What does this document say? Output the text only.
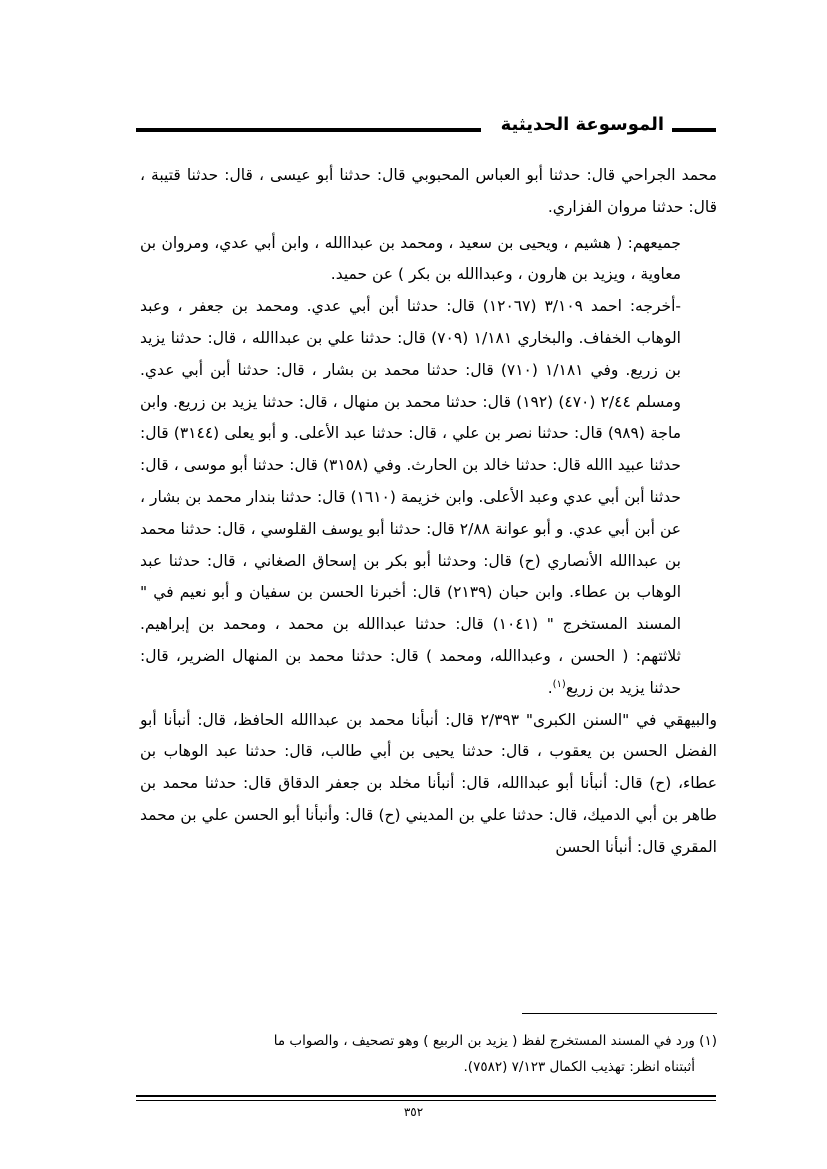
الموسوعة الحديثية

محمد الجراحي قال: حدثنا أبو العباس المحبوبي قال: حدثنا أبو عيسى ، قال: حدثنا قتيبة ، قال: حدثنا مروان الفزاري.

جميعهم: ( هشيم ، ويحيى بن سعيد ، ومحمد بن عبداالله ، وابن أبي عدي، ومروان بن معاوية ، ويزيد بن هارون ، وعبداالله بن بكر ) عن حميد.

-أخرجه: احمد ٣/١٠٩ (١٢٠٦٧) قال: حدثنا أبن أبي عدي. ومحمد بن جعفر ، وعبد الوهاب الخفاف. والبخاري ١/١٨١ (٧٠٩) قال: حدثنا علي بن عبداالله ، قال: حدثنا يزيد بن زريع. وفي ١/١٨١ (٧١٠) قال: حدثنا محمد بن بشار ، قال: حدثنا أبن أبي عدي. ومسلم ٢/٤٤ (٤٧٠) (١٩٢) قال: حدثنا محمد بن منهال ، قال: حدثنا يزيد بن زريع. وابن ماجة (٩٨٩) قال: حدثنا نصر بن علي ، قال: حدثنا عبد الأعلى. و أبو يعلى (٣١٤٤) قال: حدثنا عبيد االله قال: حدثنا خالد بن الحارث. وفي (٣١٥٨) قال: حدثنا أبو موسى ، قال: حدثنا أبن أبي عدي وعبد الأعلى. وابن خزيمة (١٦١٠) قال: حدثنا بندار محمد بن بشار ، عن أبن أبي عدي. و أبو عوانة ٢/٨٨ قال: حدثنا أبو يوسف القلوسي ، قال: حدثنا محمد بن عبداالله الأنصاري (ح) قال: وحدثنا أبو بكر بن إسحاق الصغاني ، قال: حدثنا عبد الوهاب بن عطاء. وابن حبان (٢١٣٩) قال: أخبرنا الحسن بن سفيان و أبو نعيم في " المسند المستخرج " (١٠٤١) قال: حدثنا عبداالله بن محمد ، ومحمد بن إبراهيم. ثلاثتهم: ( الحسن ، وعبداالله، ومحمد ) قال: حدثنا محمد بن المنهال الضرير، قال: حدثنا يزيد بن زريع$^{(١)}$.

والبيهقي في "السنن الكبرى" ٢/٣٩٣ قال: أنبأنا محمد بن عبداالله الحافظ، قال: أنبأنا أبو الفضل الحسن بن يعقوب ، قال: حدثنا يحيى بن أبي طالب، قال: حدثنا عبد الوهاب بن عطاء، (ح) قال: أنبأنا أبو عبداالله، قال: أنبأنا مخلد بن جعفر الدقاق قال: حدثنا محمد بن طاهر بن أبي الدميك، قال: حدثنا علي بن المديني (ح) قال: وأنبأنا أبو الحسن علي بن محمد المقري قال: أنبأنا الحسن

(١) ورد في المسند المستخرج لفظ ( يزيد بن الربيع ) وهو تصحيف ، والصواب ما

أثبتناه انظر: تهذيب الكمال ٧/١٢٣ (٧٥٨٢).

٣٥٢
